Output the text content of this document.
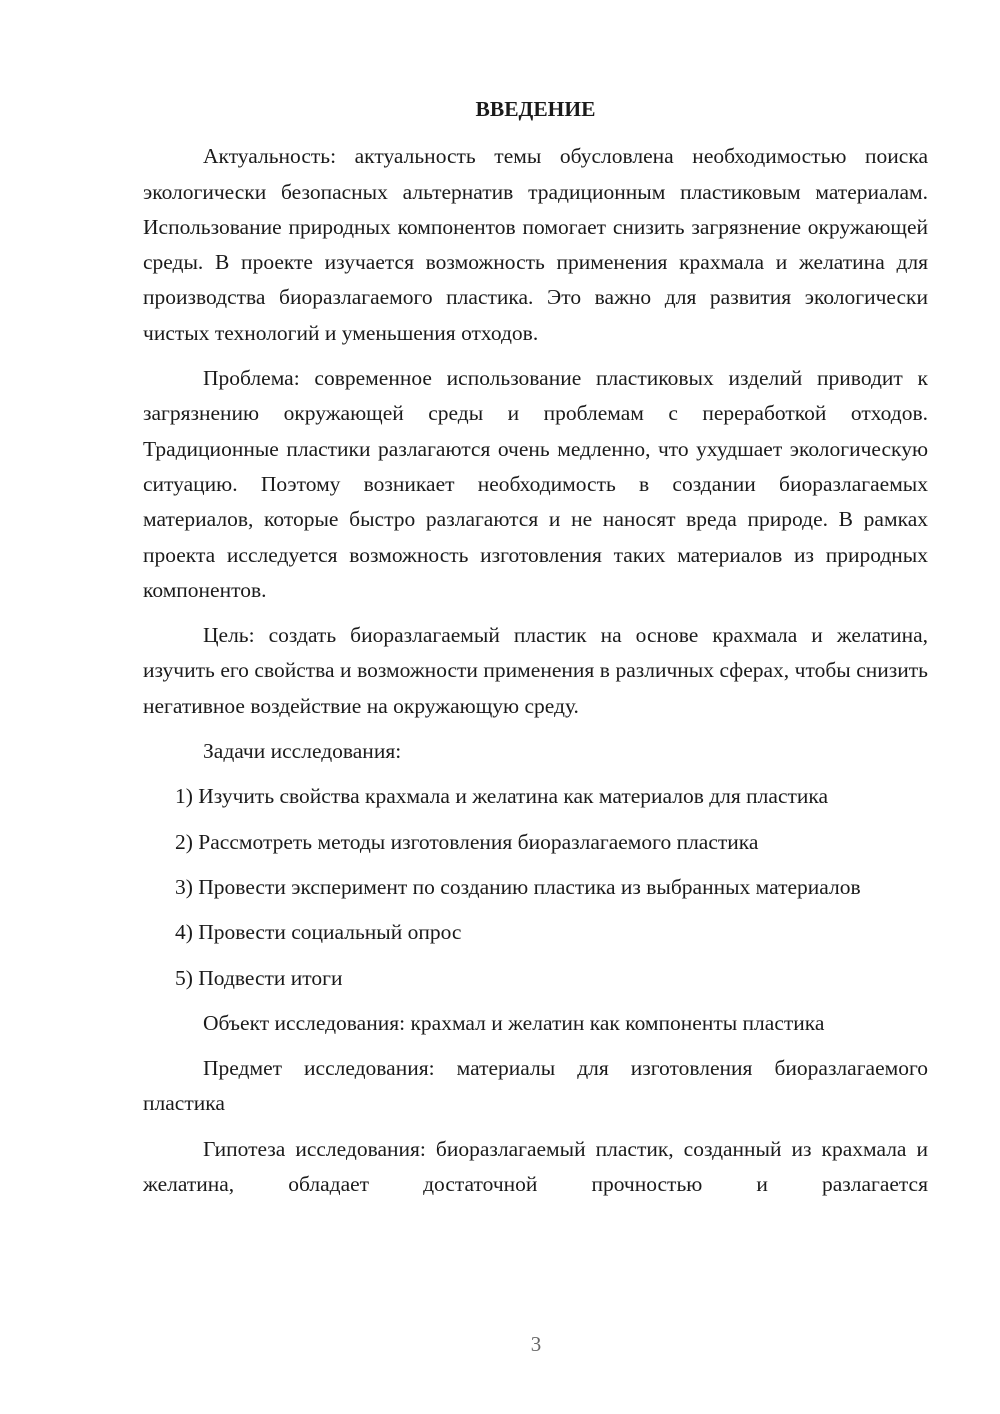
ВВЕДЕНИЕ

Актуальность: актуальность темы обусловлена необходимостью поиска экологически безопасных альтернатив традиционным пластиковым материалам. Использование природных компонентов помогает снизить загрязнение окружающей среды. В проекте изучается возможность применения крахмала и желатина для производства биоразлагаемого пластика. Это важно для развития экологически чистых технологий и уменьшения отходов.

Проблема: современное использование пластиковых изделий приводит к загрязнению окружающей среды и проблемам с переработкой отходов. Традиционные пластики разлагаются очень медленно, что ухудшает экологическую ситуацию. Поэтому возникает необходимость в создании биоразлагаемых материалов, которые быстро разлагаются и не наносят вреда природе. В рамках проекта исследуется возможность изготовления таких материалов из природных компонентов.

Цель: создать биоразлагаемый пластик на основе крахмала и желатина, изучить его свойства и возможности применения в различных сферах, чтобы снизить негативное воздействие на окружающую среду.

Задачи исследования:

1) Изучить свойства крахмала и желатина как материалов для пластика

2) Рассмотреть методы изготовления биоразлагаемого пластика

3) Провести эксперимент по созданию пластика из выбранных материалов

4) Провести социальный опрос

5) Подвести итоги

Объект исследования: крахмал и желатин как компоненты пластика

Предмет исследования: материалы для изготовления биоразлагаемого пластика

Гипотеза исследования: биоразлагаемый пластик, созданный из крахмала и желатина, обладает достаточной прочностью и разлагается

3
